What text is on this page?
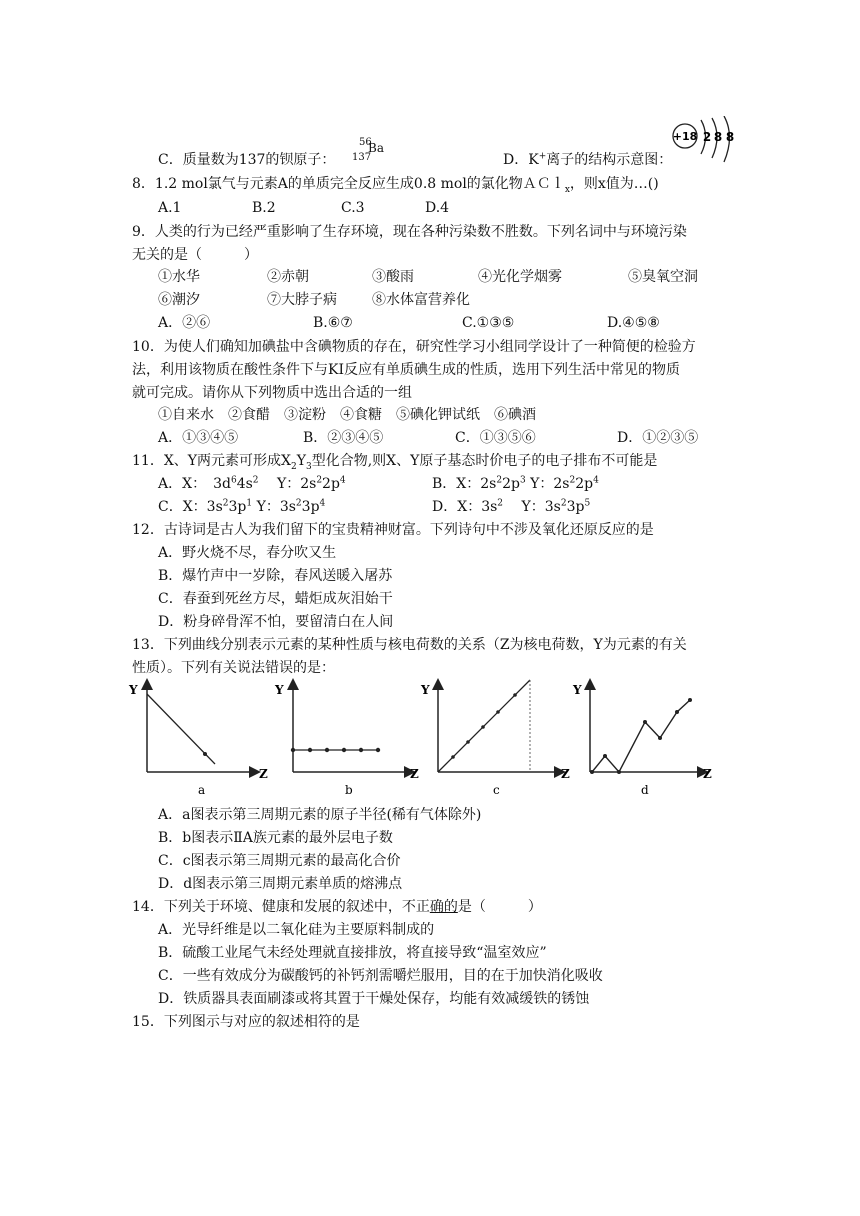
C．质量数为137的钡原子：
56
137
Ba
D．K+离子的结构示意图：
+18 2 8 8
8．1.2 mol氯气与元素A的单质完全反应生成0.8 mol的氯化物ＡＣｌ$_x$，则x值为…()
A.1	B.2	C.3	D.4
9．人类的行为已经严重影响了生存环境，现在各种污染数不胜数。下列名词中与环境污染
无关的是（　　　）
①水华	②赤朝	③酸雨	④光化学烟雾	⑤臭氧空洞
⑥潮汐	⑦大脖子病	⑧水体富营养化
A．②⑥	B.⑥⑦	C.①③⑤	D.④⑤⑧
10．为使人们确知加碘盐中含碘物质的存在，研究性学习小组同学设计了一种简便的检验方
法，利用该物质在酸性条件下与KI反应有单质碘生成的性质，选用下列生活中常见的物质
就可完成。请你从下列物质中选出合适的一组
①自来水　②食醋　③淀粉　④食糖　⑤碘化钾试纸　⑥碘酒
A．①③④⑤	B．②③④⑤	C．①③⑤⑥	D．①②③⑤
11．X、Y两元素可形成$X_2Y_3$型化合物,则X、Y原子基态时价电子的电子排布不可能是
A．X：　$3d^64s^2$　 Y：$2s^22p^4$	B．X：$2s^22p^3$ Y：$2s^22p^4$
C．X：$3s^23p^1$ Y：$3s^23p^4$	D．X：$3s^2$　 Y：$3s^23p^5$
12．古诗词是古人为我们留下的宝贵精神财富。下列诗句中不涉及氧化还原反应的是
A．野火烧不尽，春分吹又生
B．爆竹声中一岁除，春风送暖入屠苏
C．春蚕到死丝方尽，蜡炬成灰泪始干
D．粉身碎骨浑不怕，要留清白在人间
13．下列曲线分别表示元素的某种性质与核电荷数的关系（Z为核电荷数，Y为元素的有关
性质）。下列有关说法错误的是：
Y
Z
a
Y
Z
b
Y
Z
c
Y
Z
d
A．a图表示第三周期元素的原子半径(稀有气体除外)
B．b图表示ⅡA族元素的最外层电子数
C．c图表示第三周期元素的最高化合价
D．d图表示第三周期元素单质的熔沸点
14．下列关于环境、健康和发展的叙述中，不正确的是（　　　）
A．光导纤维是以二氧化硅为主要原料制成的
B．硫酸工业尾气未经处理就直接排放，将直接导致“温室效应”
C．一些有效成分为碳酸钙的补钙剂需嚼烂服用，目的在于加快消化吸收
D．铁质器具表面刷漆或将其置于干燥处保存，均能有效减缓铁的锈蚀
15．下列图示与对应的叙述相符的是
